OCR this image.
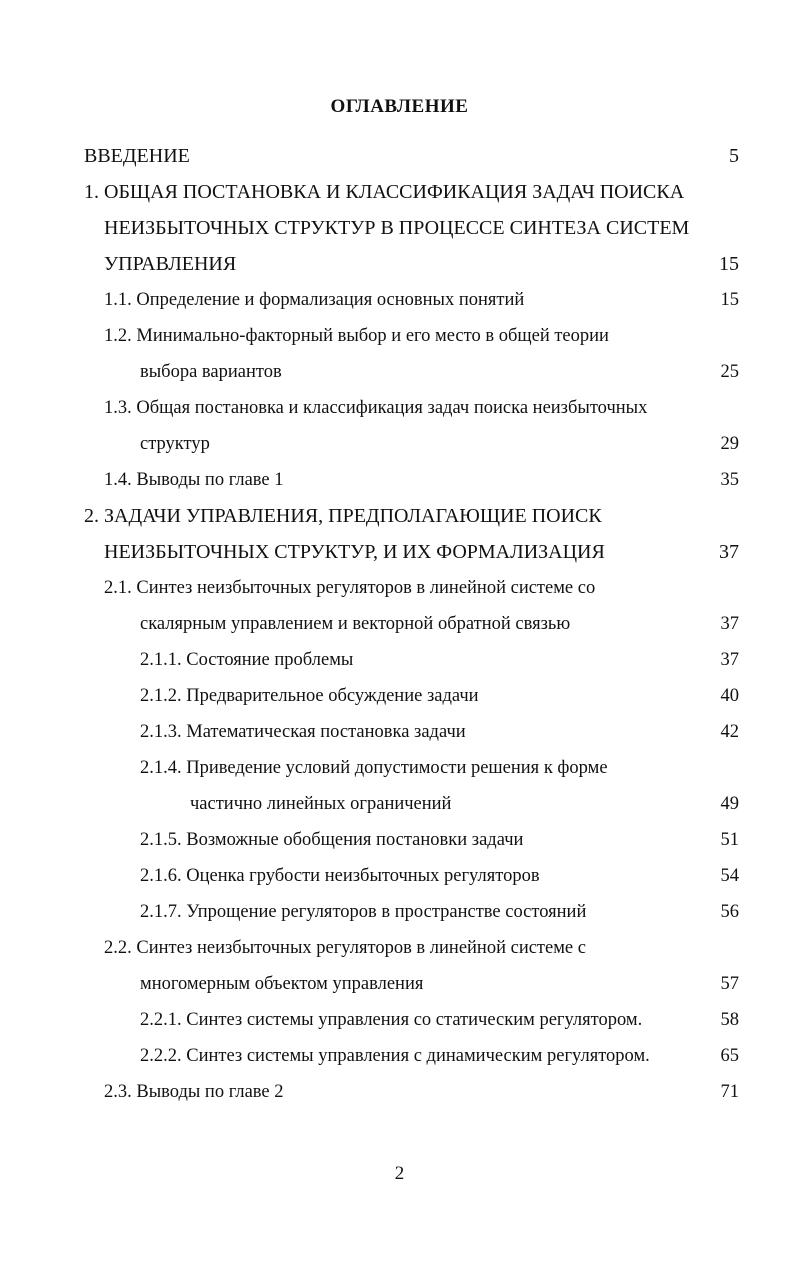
ОГЛАВЛЕНИЕ
ВВЕДЕНИЕ	5
1. ОБЩАЯ ПОСТАНОВКА И КЛАССИФИКАЦИЯ ЗАДАЧ ПОИСКА
НЕИЗБЫТОЧНЫХ СТРУКТУР В ПРОЦЕССЕ СИНТЕЗА СИСТЕМ
УПРАВЛЕНИЯ	15
1.1. Определение и формализация основных понятий	15
1.2. Минимально-факторный выбор и его место в общей теории
выбора вариантов	25
1.3. Общая постановка и классификация задач поиска неизбыточных
структур	29
1.4. Выводы по главе 1	35
2. ЗАДАЧИ УПРАВЛЕНИЯ, ПРЕДПОЛАГАЮЩИЕ ПОИСК
НЕИЗБЫТОЧНЫХ СТРУКТУР, И ИХ ФОРМАЛИЗАЦИЯ	37
2.1. Синтез неизбыточных регуляторов в линейной системе со
скалярным управлением и векторной обратной связью	37
2.1.1. Состояние проблемы	37
2.1.2. Предварительное обсуждение задачи	40
2.1.3. Математическая постановка задачи	42
2.1.4. Приведение условий допустимости решения к форме
частично линейных ограничений	49
2.1.5. Возможные обобщения постановки задачи	51
2.1.6. Оценка грубости неизбыточных регуляторов	54
2.1.7. Упрощение регуляторов в пространстве состояний	56
2.2. Синтез неизбыточных регуляторов в линейной системе с
многомерным объектом управления	57
2.2.1. Синтез системы управления со статическим регулятором.	58
2.2.2. Синтез системы управления с динамическим регулятором.	65
2.3. Выводы по главе 2	71
2
